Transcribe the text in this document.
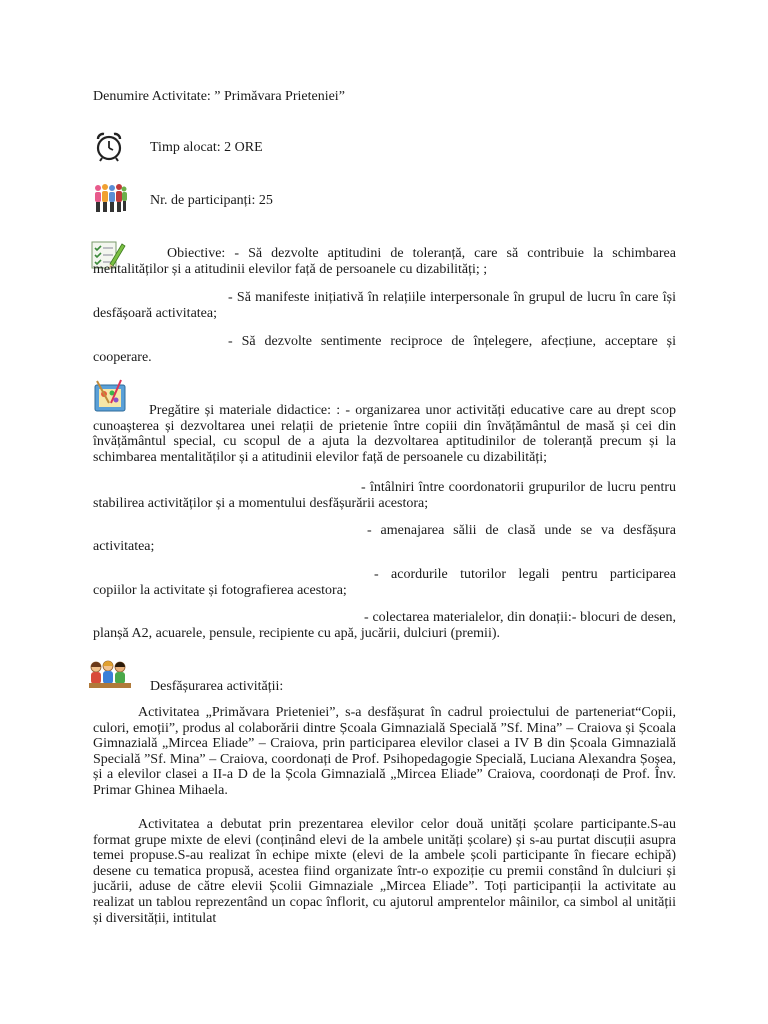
Denumire Activitate: ” Primăvara Prieteniei”
Timp alocat: 2 ORE
Nr. de participanți: 25
Obiective: - Să dezvolte aptitudini de toleranță, care să contribuie la schimbarea mentalităților și a atitudinii elevilor față de persoanele cu dizabilități; ;
- Să manifeste inițiativă în relațiile interpersonale în grupul de lucru în care își desfășoară activitatea;
- Să dezvolte sentimente reciproce de înțelegere, afecțiune, acceptare și cooperare.
Pregătire și materiale didactice: : - organizarea unor activități educative care au drept scop cunoașterea și dezvoltarea unei relații de prietenie între copiii din învățământul de masă și cei din învățământul special, cu scopul de a ajuta la dezvoltarea aptitudinilor de toleranță precum și la schimbarea mentalităților și a atitudinii elevilor față de persoanele cu dizabilități;
- întâlniri între coordonatorii grupurilor de lucru pentru stabilirea activităților și a momentului desfășurării acestora;
- amenajarea sălii de clasă unde se va desfășura activitatea;
- acordurile tutorilor legali pentru participarea copiilor la activitate și fotografierea acestora;
- colectarea materialelor, din donații:- blocuri de desen, planșă A2, acuarele, pensule, recipiente cu apă, jucării, dulciuri (premii).
Desfășurarea activității:
Activitatea „Primăvara Prieteniei”, s-a desfășurat în cadrul proiectului de parteneriat“Copii, culori, emoții”, produs al colaborării dintre Școala Gimnazială Specială ”Sf. Mina” – Craiova și Școala Gimnazială „Mircea Eliade” – Craiova, prin participarea elevilor clasei a IV B din Școala Gimnazială Specială ”Sf. Mina” – Craiova, coordonați de Prof. Psihopedagogie Specială, Luciana Alexandra Șoșea, și a elevilor clasei a II-a D de la Școla Gimnazială „Mircea Eliade” Craiova, coordonați de Prof. Înv. Primar Ghinea Mihaela.
Activitatea a debutat prin prezentarea elevilor celor două unități școlare participante.S-au format grupe mixte de elevi (conținând elevi de la ambele unități școlare) și s-au purtat discuții asupra temei propuse.S-au realizat în echipe mixte (elevi de la ambele școli participante în fiecare echipă) desene cu tematica propusă, acestea fiind organizate într-o expoziție cu premii constând în dulciuri și jucării, aduse de către elevii Școlii Gimnaziale „Mircea Eliade”. Toți participanții la activitate au realizat un tablou reprezentând un copac înflorit, cu ajutorul amprentelor mâinilor, ca simbol al unității și diversității, intitulat
